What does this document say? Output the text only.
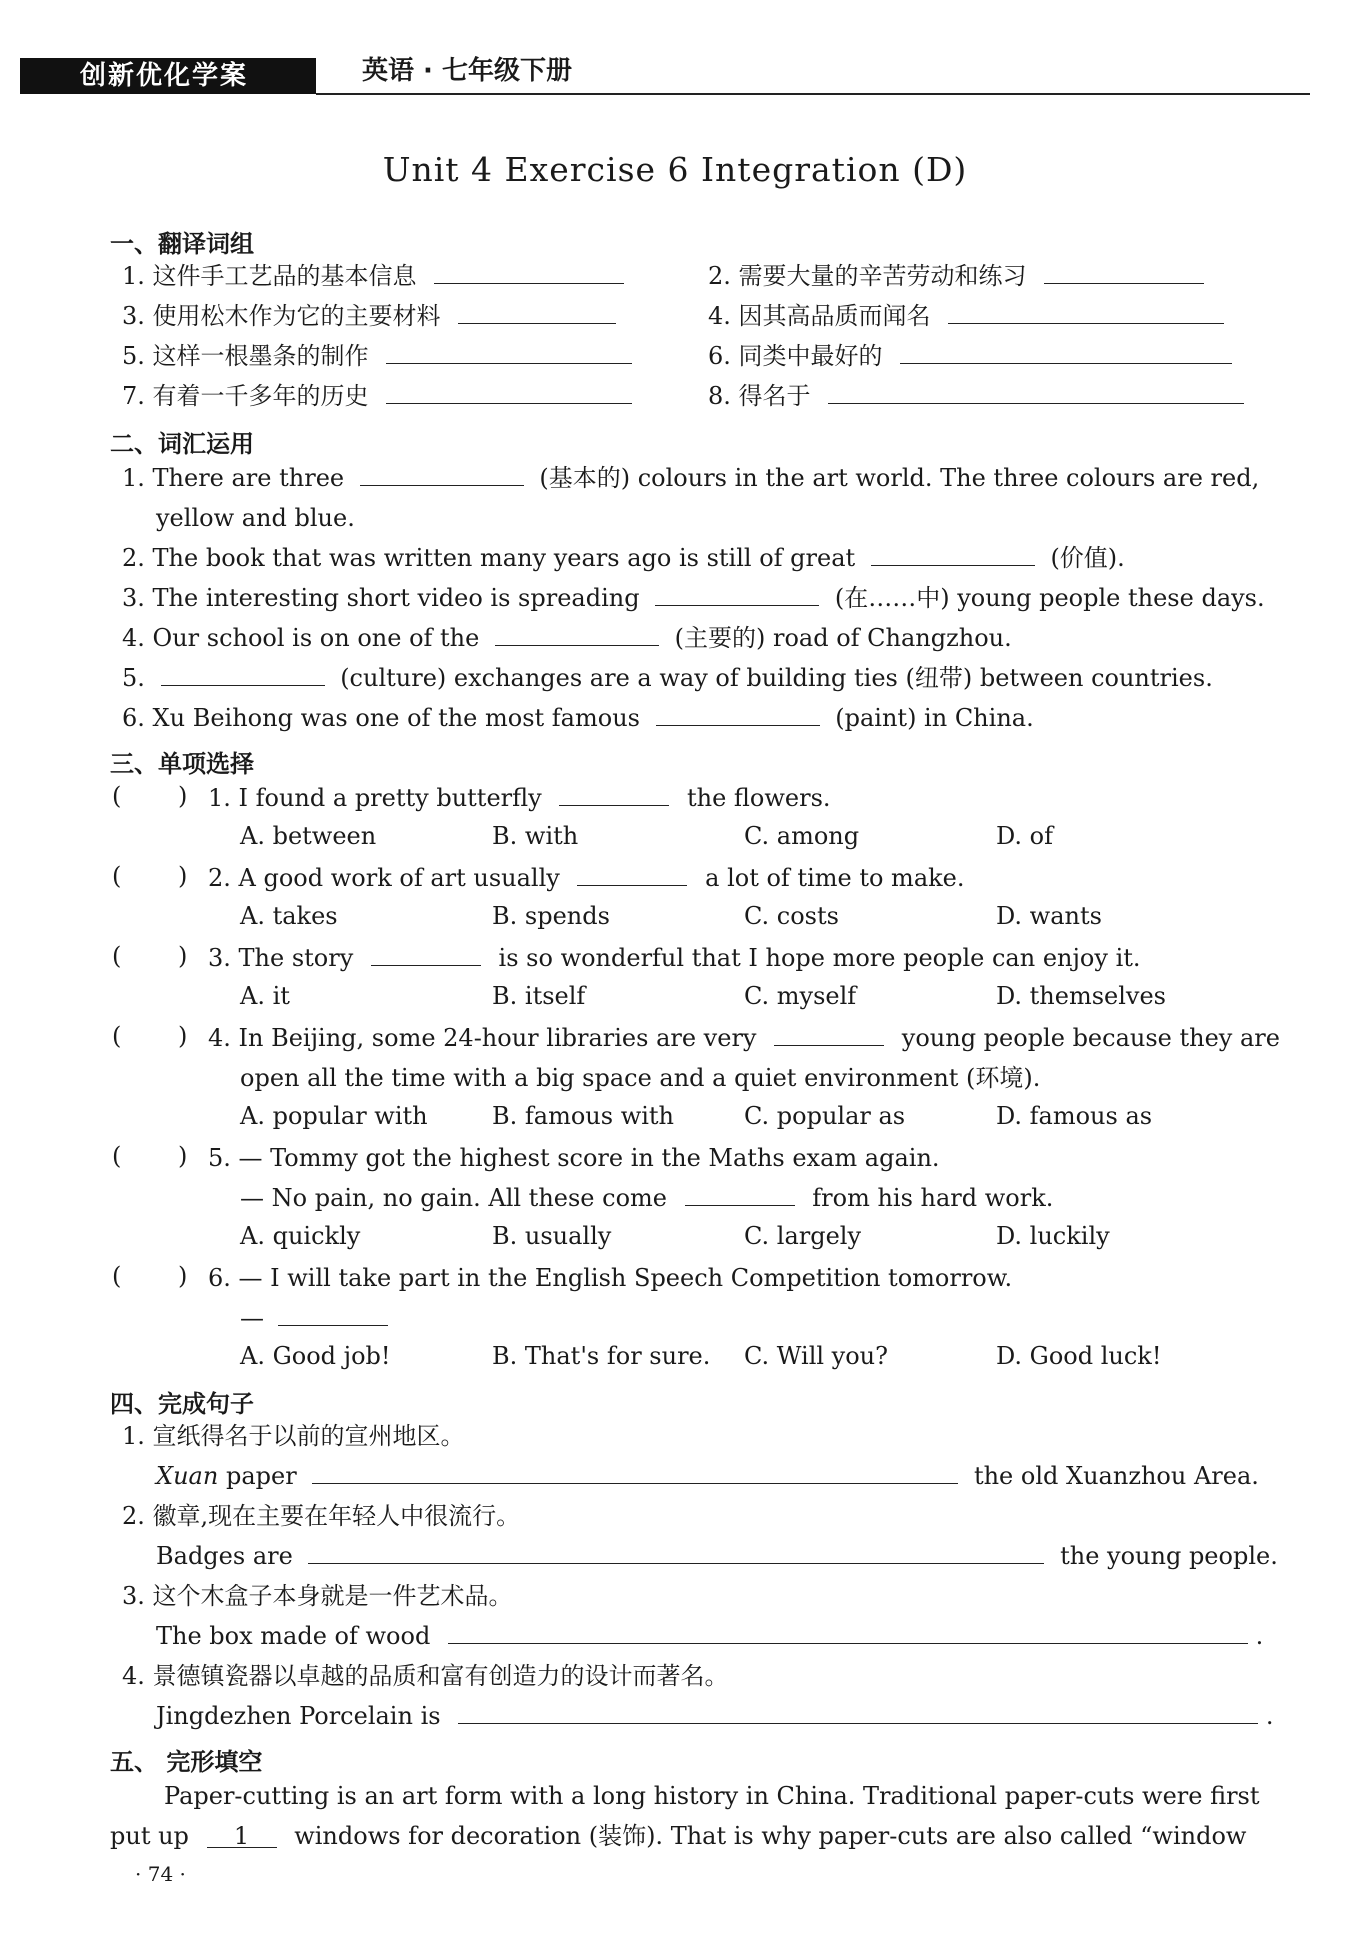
创新优化学案	英语 · 七年级下册
Unit 4 Exercise 6 Integration (D)
一、翻译词组
1. 这件手工艺品的基本信息	2. 需要大量的辛苦劳动和练习
3. 使用松木作为它的主要材料	4. 因其高品质而闻名
5. 这样一根墨条的制作	6. 同类中最好的
7. 有着一千多年的历史	8. 得名于
二、词汇运用
1. There are three	(基本的) colours in the art world. The three colours are red,
yellow and blue.
2. The book that was written many years ago is still of great	(价值).
3. The interesting short video is spreading	(在……中) young people these days.
4. Our school is on one of the	(主要的) road of Changzhou.
5.	(culture) exchanges are a way of building ties (纽带) between countries.
6. Xu Beihong was one of the most famous	(paint) in China.
三、单项选择
( ) 1. I found a pretty butterfly	the flowers.
A. between	B. with	C. among	D. of
( ) 2. A good work of art usually	a lot of time to make.
A. takes	B. spends	C. costs	D. wants
( ) 3. The story	is so wonderful that I hope more people can enjoy it.
A. it	B. itself	C. myself	D. themselves
( ) 4. In Beijing, some 24-hour libraries are very	young people because they are
open all the time with a big space and a quiet environment (环境).
A. popular with	B. famous with	C. popular as	D. famous as
( ) 5. — Tommy got the highest score in the Maths exam again.
— No pain, no gain. All these come	from his hard work.
A. quickly	B. usually	C. largely	D. luckily
( ) 6. — I will take part in the English Speech Competition tomorrow.
—
A. Good job!	B. That's for sure. C. Will you?	D. Good luck!
四、完成句子
1. 宣纸得名于以前的宣州地区。
Xuan paper	the old Xuanzhou Area.
2. 徽章,现在主要在年轻人中很流行。
Badges are	the young people.
3. 这个木盒子本身就是一件艺术品。
The box made of wood	.
4. 景德镇瓷器以卓越的品质和富有创造力的设计而著名。
Jingdezhen Porcelain is	.
五、 完形填空
Paper-cutting is an art form with a long history in China. Traditional paper-cuts were first
put up 1 windows for decoration (装饰). That is why paper-cuts are also called “window
· 74 ·
